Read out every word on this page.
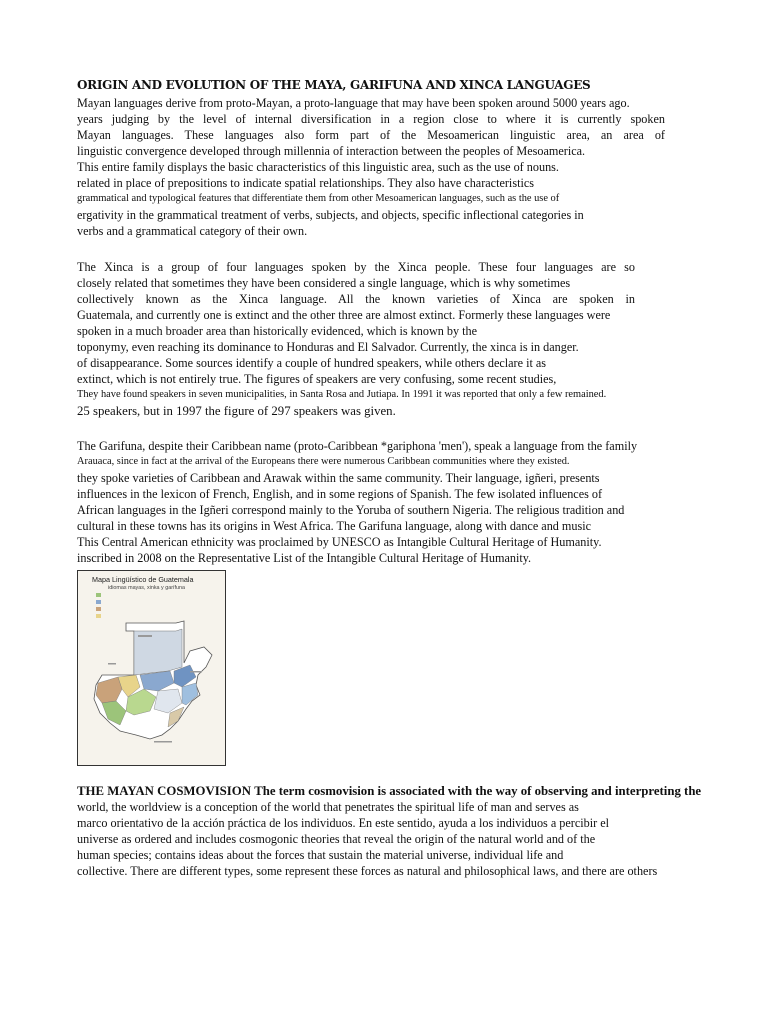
ORIGIN AND EVOLUTION OF THE MAYA, GARIFUNA AND XINCA LANGUAGES
Mayan languages derive from proto-Mayan, a proto-language that may have been spoken around 5000 years ago.
years judging by the level of internal diversification in a region close to where it is currently spoken
Mayan languages. These languages also form part of the Mesoamerican linguistic area, an area of
linguistic convergence developed through millennia of interaction between the peoples of Mesoamerica.
This entire family displays the basic characteristics of this linguistic area, such as the use of nouns.
related in place of prepositions to indicate spatial relationships. They also have characteristics
grammatical and typological features that differentiate them from other Mesoamerican languages, such as the use of
ergativity in the grammatical treatment of verbs, subjects, and objects, specific inflectional categories in
verbs and a grammatical category of their own.
The Xinca is a group of four languages spoken by the Xinca people. These four languages are so
closely related that sometimes they have been considered a single language, which is why sometimes
collectively known as the Xinca language. All the known varieties of Xinca are spoken in
Guatemala, and currently one is extinct and the other three are almost extinct. Formerly these languages were
spoken in a much broader area than historically evidenced, which is known by the
toponymy, even reaching its dominance to Honduras and El Salvador. Currently, the xinca is in danger.
of disappearance. Some sources identify a couple of hundred speakers, while others declare it as
extinct, which is not entirely true. The figures of speakers are very confusing, some recent studies,
They have found speakers in seven municipalities, in Santa Rosa and Jutiapa. In 1991 it was reported that only a few remained.
25 speakers, but in 1997 the figure of 297 speakers was given.
The Garifuna, despite their Caribbean name (proto-Caribbean *gariphona 'men'), speak a language from the family
Arauaca, since in fact at the arrival of the Europeans there were numerous Caribbean communities where they existed.
they spoke varieties of Caribbean and Arawak within the same community. Their language, igñeri, presents
influences in the lexicon of French, English, and in some regions of Spanish. The few isolated influences of
African languages in the Igñeri correspond mainly to the Yoruba of southern Nigeria. The religious tradition and
cultural in these towns has its origins in West Africa. The Garifuna language, along with dance and music
This Central American ethnicity was proclaimed by UNESCO as Intangible Cultural Heritage of Humanity.
inscribed in 2008 on the Representative List of the Intangible Cultural Heritage of Humanity.
Mapa Lingüístico de Guatemala
idiomas mayas, xinka y garífuna
THE MAYAN COSMOVISION The term cosmovision is associated with the way of observing and interpreting the
world, the worldview is a conception of the world that penetrates the spiritual life of man and serves as
marco orientativo de la acción práctica de los individuos. En este sentido, ayuda a los individuos a percibir el
universe as ordered and includes cosmogonic theories that reveal the origin of the natural world and of the
human species; contains ideas about the forces that sustain the material universe, individual life and
collective. There are different types, some represent these forces as natural and philosophical laws, and there are others
